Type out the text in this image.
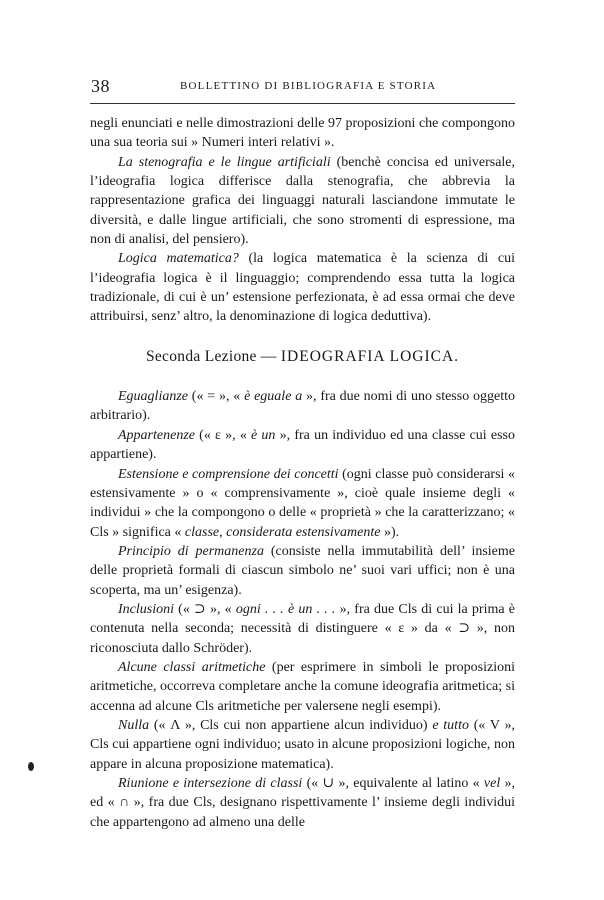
38	BOLLETTINO DI BIBLIOGRAFIA E STORIA

negli enunciati e nelle dimostrazioni delle 97 proposizioni che compongono una sua teoria sui » Numeri interi relativi ».

La stenografia e le lingue artificiali (benchè concisa ed universale, l’ideografia logica differisce dalla stenografia, che abbrevia la rappresentazione grafica dei linguaggi naturali lasciandone immutate le diversità, e dalle lingue artificiali, che sono stromenti di espressione, ma non di analisi, del pensiero).

Logica matematica? (la logica matematica è la scienza di cui l’ideografia logica è il linguaggio; comprendendo essa tutta la logica tradizionale, di cui è un’ estensione perfezionata, è ad essa ormai che deve attribuirsi, senz’ altro, la denominazione di logica deduttiva).

Seconda Lezione — IDEOGRAFIA LOGICA.

Eguaglianze (« = », « è eguale a », fra due nomi di uno stesso oggetto arbitrario).

Appartenenze (« ε », « è un », fra un individuo ed una classe cui esso appartiene).

Estensione e comprensione dei concetti (ogni classe può considerarsi « estensivamente » o « comprensivamente », cioè quale insieme degli « individui » che la compongono o delle « proprietà » che la caratterizzano; « Cls » significa « classe, considerata estensivamente »).

Principio di permanenza (consiste nella immutabilità dell’ insieme delle proprietà formali di ciascun simbolo ne’ suoi vari uffici; non è una scoperta, ma un’ esigenza).

Inclusioni (« ⊃ », « ogni . . . è un . . . », fra due Cls di cui la prima è contenuta nella seconda; necessità di distinguere « ε » da « ⊃ », non riconosciuta dallo Schröder).

Alcune classi aritmetiche (per esprimere in simboli le proposizioni aritmetiche, occorreva completare anche la comune ideografia aritmetica; si accenna ad alcune Cls aritmetiche per valersene negli esempi).

Nulla (« Λ », Cls cui non appartiene alcun individuo) e tutto (« V », Cls cui appartiene ogni individuo; usato in alcune proposizioni logiche, non appare in alcuna proposizione matematica).

Riunione e intersezione di classi (« ∪ », equivalente al latino « vel », ed « ∩ », fra due Cls, designano rispettivamente l’ insieme degli individui che appartengono ad almeno una delle
